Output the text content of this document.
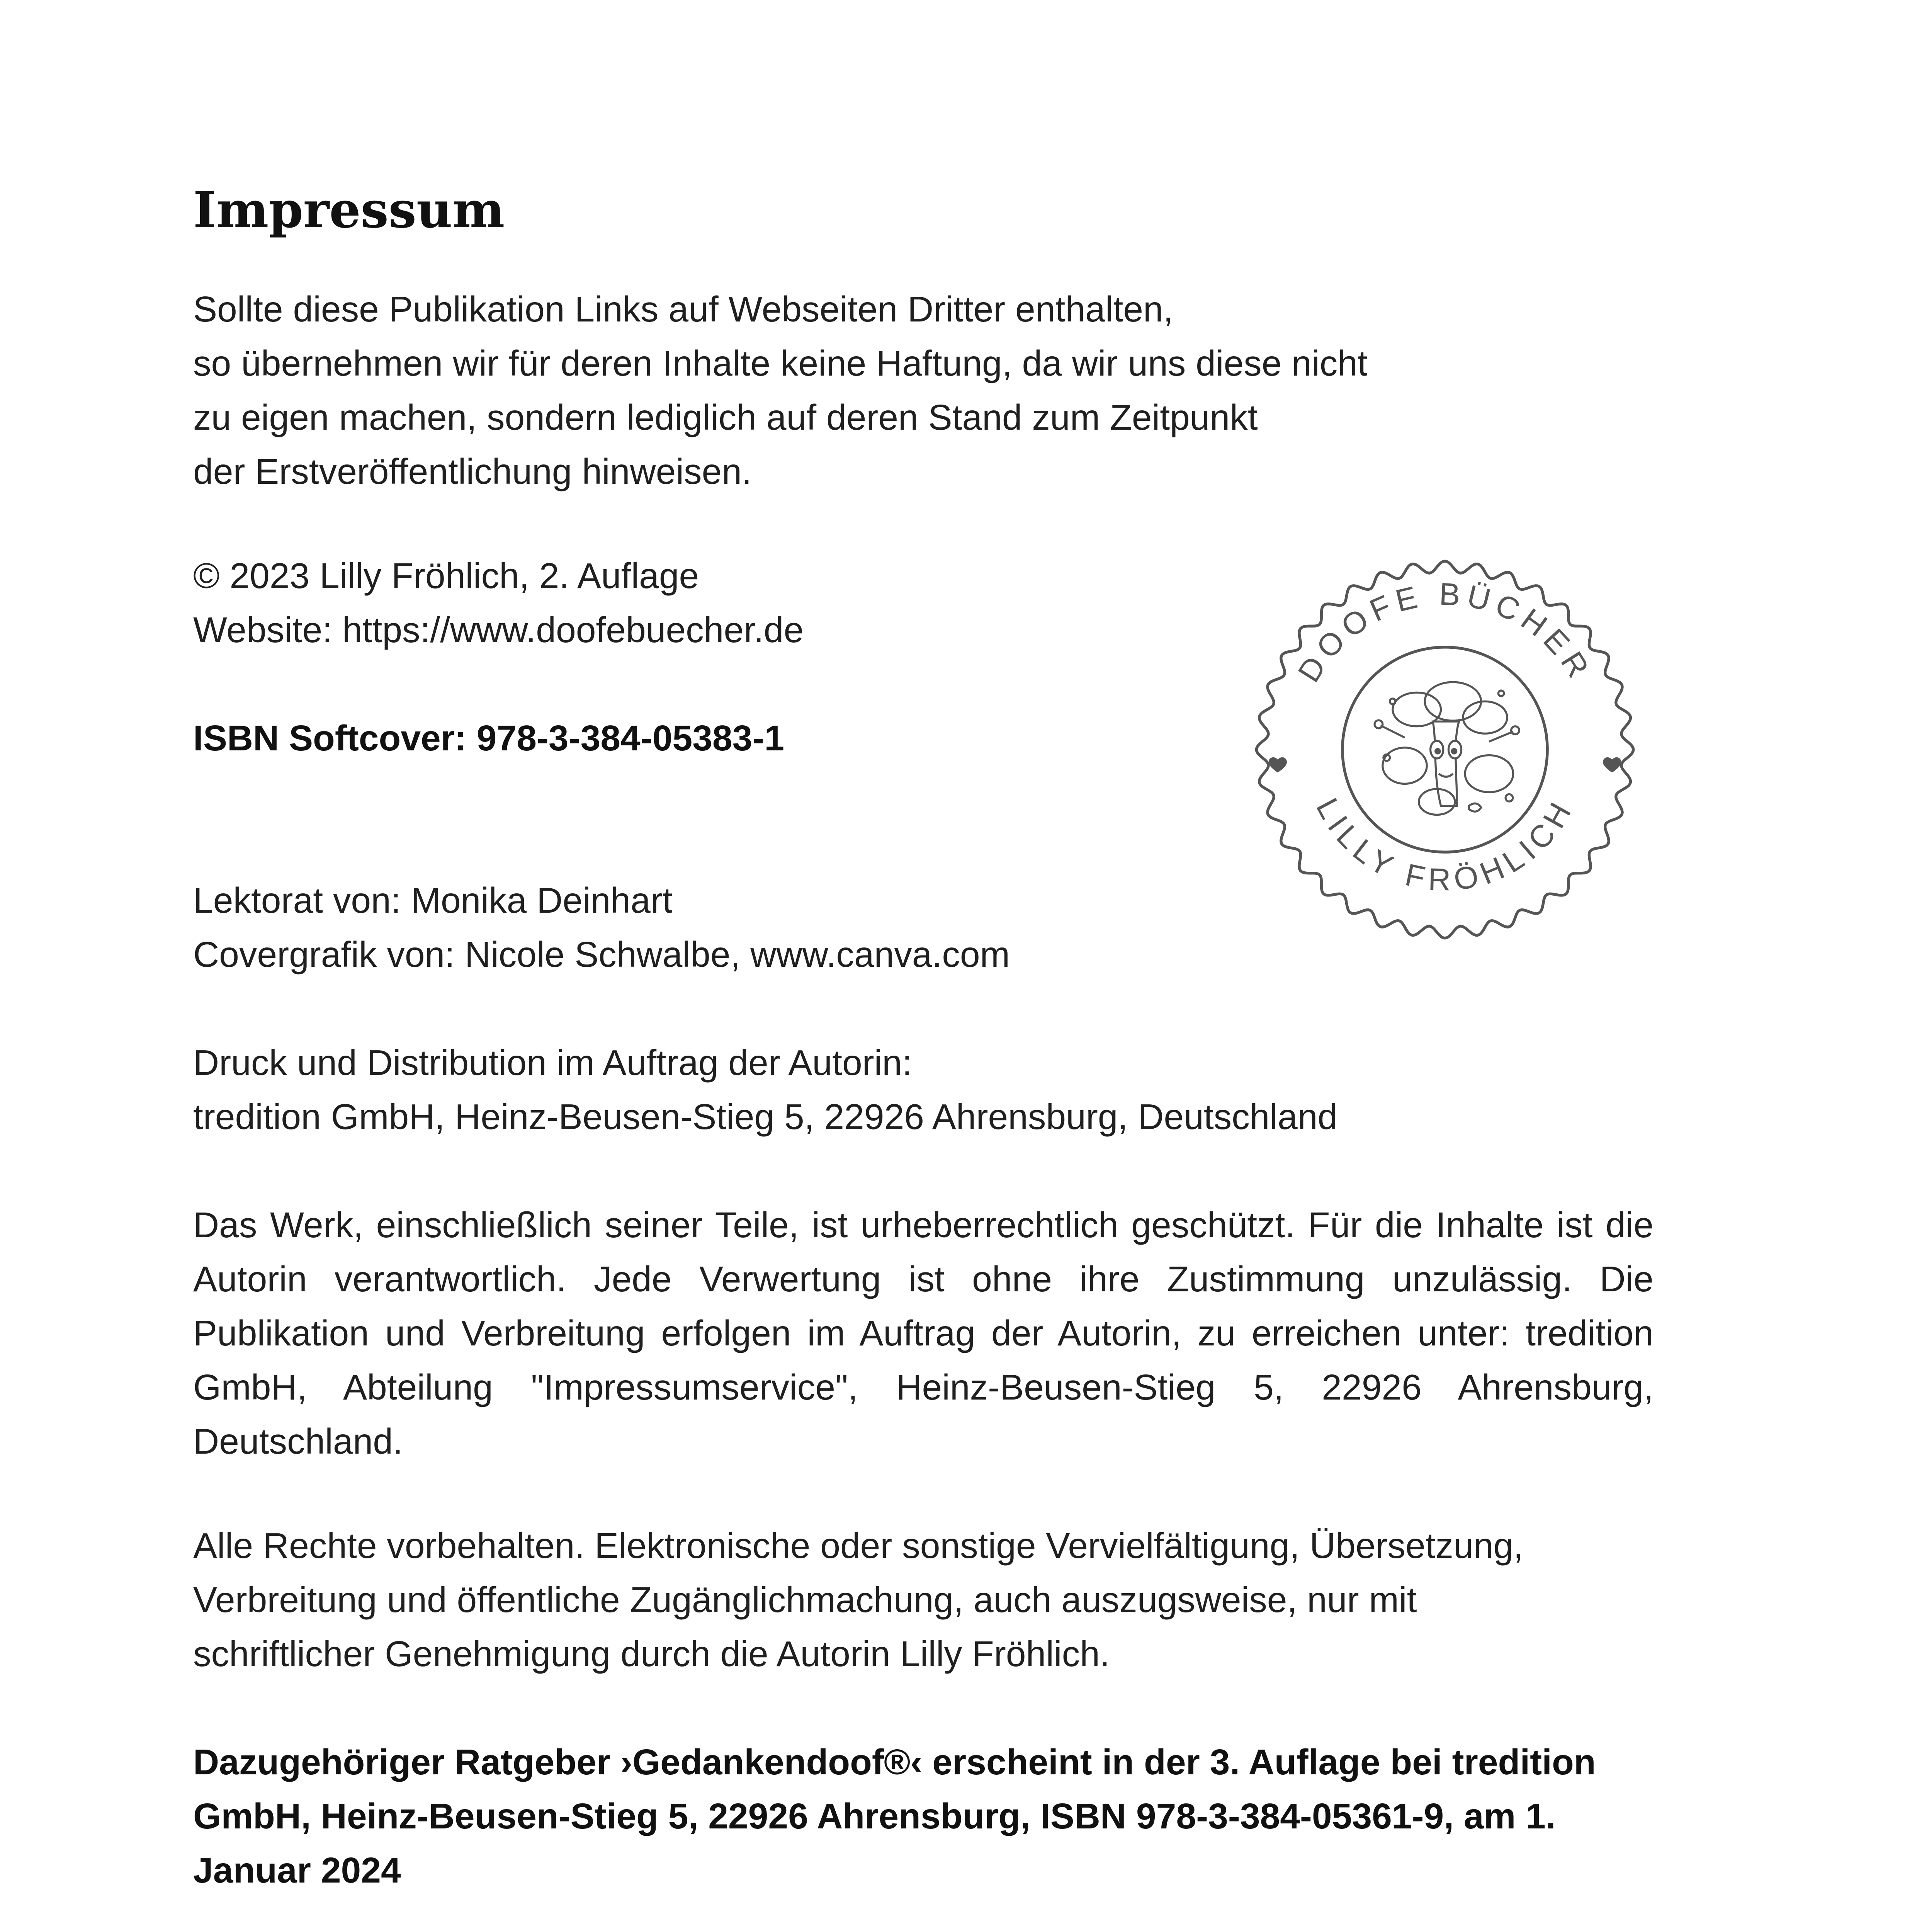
Impressum

Sollte diese Publikation Links auf Webseiten Dritter enthalten,
so übernehmen wir für deren Inhalte keine Haftung, da wir uns diese nicht
zu eigen machen, sondern lediglich auf deren Stand zum Zeitpunkt
der Erstveröffentlichung hinweisen.

© 2023 Lilly Fröhlich, 2. Auflage
Website: https://www.doofebuecher.de

ISBN Softcover: 978-3-384-05383-1

Lektorat von: Monika Deinhart
Covergrafik von: Nicole Schwalbe, www.canva.com

Druck und Distribution im Auftrag der Autorin:
tredition GmbH, Heinz-Beusen-Stieg 5, 22926 Ahrensburg, Deutschland

Das Werk, einschließlich seiner Teile, ist urheberrechtlich geschützt. Für die Inhalte ist die Autorin verantwortlich. Jede Verwertung ist ohne ihre Zustimmung unzulässig. Die Publikation und Verbreitung erfolgen im Auftrag der Autorin, zu erreichen unter: tredition GmbH, Abteilung "Impressumservice", Heinz-Beusen-Stieg 5, 22926 Ahrensburg, Deutschland.

Alle Rechte vorbehalten. Elektronische oder sonstige Vervielfältigung, Übersetzung,
Verbreitung und öffentliche Zugänglichmachung, auch auszugsweise, nur mit
schriftlicher Genehmigung durch die Autorin Lilly Fröhlich.

Dazugehöriger Ratgeber ›Gedankendoof®‹ erscheint in der 3. Auflage bei tredition GmbH, Heinz-Beusen-Stieg 5, 22926 Ahrensburg, ISBN 978-3-384-05361-9, am 1. Januar 2024

DOOFE BÜCHER
LILLY FRÖHLICH
